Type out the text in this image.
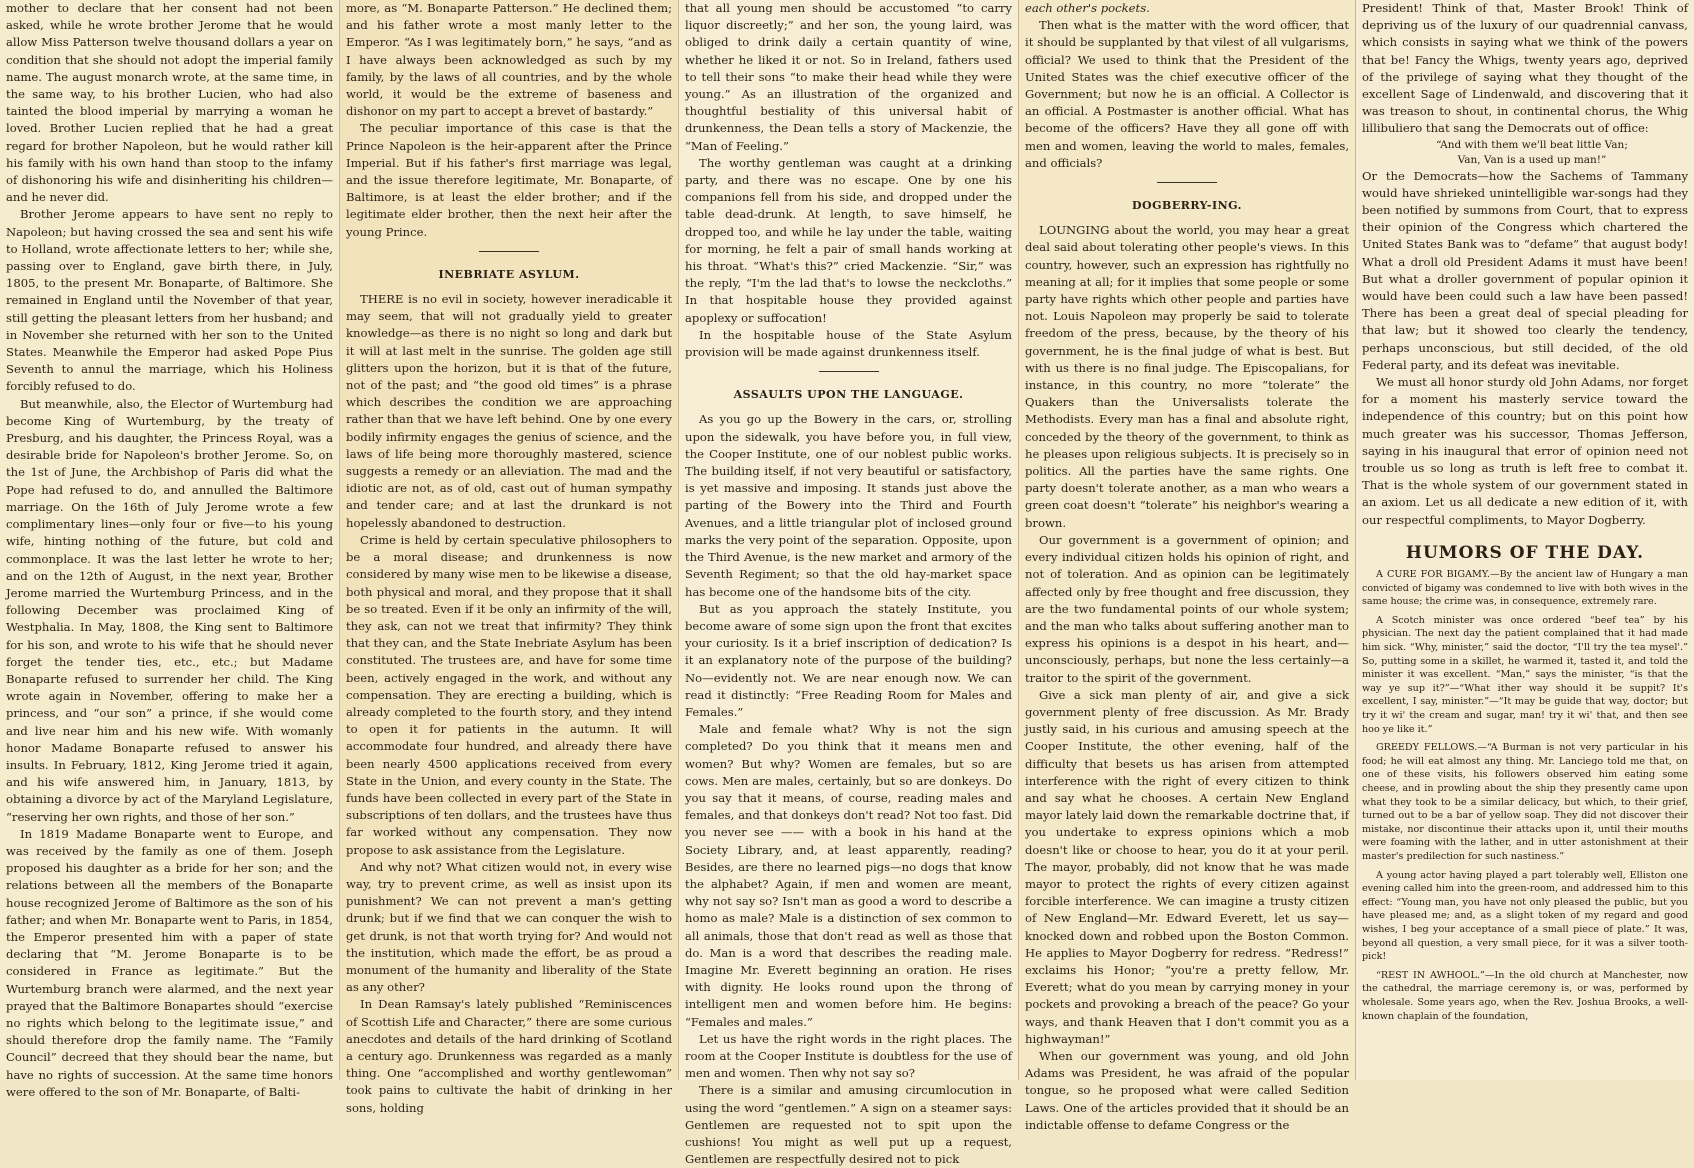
mother to declare that her consent had not been asked, while he wrote brother Jerome that he would allow Miss Patterson twelve thousand dollars a year on condition that she should not adopt the imperial family name. The august monarch wrote, at the same time, in the same way, to his brother Lucien, who had also tainted the blood imperial by marrying a woman he loved. Brother Lucien replied that he had a great regard for brother Napoleon, but he would rather kill his family with his own hand than stoop to the infamy of dishonoring his wife and disinheriting his children—and he never did.

Brother Jerome appears to have sent no reply to Napoleon; but having crossed the sea and sent his wife to Holland, wrote affectionate letters to her; while she, passing over to England, gave birth there, in July, 1805, to the present Mr. Bonaparte, of Baltimore. She remained in England until the November of that year, still getting the pleasant letters from her husband; and in November she returned with her son to the United States. Meanwhile the Emperor had asked Pope Pius Seventh to annul the marriage, which his Holiness forcibly refused to do.

But meanwhile, also, the Elector of Wurtemburg had become King of Wurtemburg, by the treaty of Presburg, and his daughter, the Princess Royal, was a desirable bride for Napoleon's brother Jerome. So, on the 1st of June, the Archbishop of Paris did what the Pope had refused to do, and annulled the Baltimore marriage. On the 16th of July Jerome wrote a few complimentary lines—only four or five—to his young wife, hinting nothing of the future, but cold and commonplace. It was the last letter he wrote to her; and on the 12th of August, in the next year, Brother Jerome married the Wurtemburg Princess, and in the following December was proclaimed King of Westphalia. In May, 1808, the King sent to Baltimore for his son, and wrote to his wife that he should never forget the tender ties, etc., etc.; but Madame Bonaparte refused to surrender her child. The King wrote again in November, offering to make her a princess, and “our son” a prince, if she would come and live near him and his new wife. With womanly honor Madame Bonaparte refused to answer his insults. In February, 1812, King Jerome tried it again, and his wife answered him, in January, 1813, by obtaining a divorce by act of the Maryland Legislature, “reserving her own rights, and those of her son.”

In 1819 Madame Bonaparte went to Europe, and was received by the family as one of them. Joseph proposed his daughter as a bride for her son; and the relations between all the members of the Bonaparte house recognized Jerome of Baltimore as the son of his father; and when Mr. Bonaparte went to Paris, in 1854, the Emperor presented him with a paper of state declaring that “M. Jerome Bonaparte is to be considered in France as legitimate.” But the Wurtemburg branch were alarmed, and the next year prayed that the Baltimore Bonapartes should “exercise no rights which belong to the legitimate issue,” and should therefore drop the family name. The “Family Council” decreed that they should bear the name, but have no rights of succession. At the same time honors were offered to the son of Mr. Bonaparte, of Balti-

more, as “M. Bonaparte Patterson.” He declined them; and his father wrote a most manly letter to the Emperor. “As I was legitimately born,” he says, “and as I have always been acknowledged as such by my family, by the laws of all countries, and by the whole world, it would be the extreme of baseness and dishonor on my part to accept a brevet of bastardy.”

The peculiar importance of this case is that the Prince Napoleon is the heir-apparent after the Prince Imperial. But if his father's first marriage was legal, and the issue therefore legitimate, Mr. Bonaparte, of Baltimore, is at least the elder brother; and if the legitimate elder brother, then the next heir after the young Prince.

INEBRIATE ASYLUM.

THERE is no evil in society, however ineradicable it may seem, that will not gradually yield to greater knowledge—as there is no night so long and dark but it will at last melt in the sunrise. The golden age still glitters upon the horizon, but it is that of the future, not of the past; and “the good old times” is a phrase which describes the condition we are approaching rather than that we have left behind. One by one every bodily infirmity engages the genius of science, and the laws of life being more thoroughly mastered, science suggests a remedy or an alleviation. The mad and the idiotic are not, as of old, cast out of human sympathy and tender care; and at last the drunkard is not hopelessly abandoned to destruction.

Crime is held by certain speculative philosophers to be a moral disease; and drunkenness is now considered by many wise men to be likewise a disease, both physical and moral, and they propose that it shall be so treated. Even if it be only an infirmity of the will, they ask, can not we treat that infirmity? They think that they can, and the State Inebriate Asylum has been constituted. The trustees are, and have for some time been, actively engaged in the work, and without any compensation. They are erecting a building, which is already completed to the fourth story, and they intend to open it for patients in the autumn. It will accommodate four hundred, and already there have been nearly 4500 applications received from every State in the Union, and every county in the State. The funds have been collected in every part of the State in subscriptions of ten dollars, and the trustees have thus far worked without any compensation. They now propose to ask assistance from the Legislature.

And why not? What citizen would not, in every wise way, try to prevent crime, as well as insist upon its punishment? We can not prevent a man's getting drunk; but if we find that we can conquer the wish to get drunk, is not that worth trying for? And would not the institution, which made the effort, be as proud a monument of the humanity and liberality of the State as any other?

In Dean Ramsay's lately published “Reminiscences of Scottish Life and Character,” there are some curious anecdotes and details of the hard drinking of Scotland a century ago. Drunkenness was regarded as a manly thing. One “accomplished and worthy gentlewoman” took pains to cultivate the habit of drinking in her sons, holding

that all young men should be accustomed “to carry liquor discreetly;” and her son, the young laird, was obliged to drink daily a certain quantity of wine, whether he liked it or not. So in Ireland, fathers used to tell their sons “to make their head while they were young.” As an illustration of the organized and thoughtful bestiality of this universal habit of drunkenness, the Dean tells a story of Mackenzie, the “Man of Feeling.”

The worthy gentleman was caught at a drinking party, and there was no escape. One by one his companions fell from his side, and dropped under the table dead-drunk. At length, to save himself, he dropped too, and while he lay under the table, waiting for morning, he felt a pair of small hands working at his throat. “What's this?” cried Mackenzie. “Sir,” was the reply, “I'm the lad that's to lowse the neckcloths.” In that hospitable house they provided against apoplexy or suffocation!

In the hospitable house of the State Asylum provision will be made against drunkenness itself.

ASSAULTS UPON THE LANGUAGE.

As you go up the Bowery in the cars, or, strolling upon the sidewalk, you have before you, in full view, the Cooper Institute, one of our noblest public works. The building itself, if not very beautiful or satisfactory, is yet massive and imposing. It stands just above the parting of the Bowery into the Third and Fourth Avenues, and a little triangular plot of inclosed ground marks the very point of the separation. Opposite, upon the Third Avenue, is the new market and armory of the Seventh Regiment; so that the old hay-market space has become one of the handsome bits of the city.

But as you approach the stately Institute, you become aware of some sign upon the front that excites your curiosity. Is it a brief inscription of dedication? Is it an explanatory note of the purpose of the building? No—evidently not. We are near enough now. We can read it distinctly: “Free Reading Room for Males and Females.”

Male and female what? Why is not the sign completed? Do you think that it means men and women? But why? Women are females, but so are cows. Men are males, certainly, but so are donkeys. Do you say that it means, of course, reading males and females, and that donkeys don't read? Not too fast. Did you never see —— with a book in his hand at the Society Library, and, at least apparently, reading? Besides, are there no learned pigs—no dogs that know the alphabet? Again, if men and women are meant, why not say so? Isn't man as good a word to describe a homo as male? Male is a distinction of sex common to all animals, those that don't read as well as those that do. Man is a word that describes the reading male. Imagine Mr. Everett beginning an oration. He rises with dignity. He looks round upon the throng of intelligent men and women before him. He begins: “Females and males.”

Let us have the right words in the right places. The room at the Cooper Institute is doubtless for the use of men and women. Then why not say so?

There is a similar and amusing circumlocution in using the word “gentlemen.” A sign on a steamer says: Gentlemen are requested not to spit upon the cushions! You might as well put up a request, Gentlemen are respectfully desired not to pick

each other's pockets.

Then what is the matter with the word officer, that it should be supplanted by that vilest of all vulgarisms, official? We used to think that the President of the United States was the chief executive officer of the Government; but now he is an official. A Collector is an official. A Postmaster is another official. What has become of the officers? Have they all gone off with men and women, leaving the world to males, females, and officials?

DOGBERRY-ING.

LOUNGING about the world, you may hear a great deal said about tolerating other people's views. In this country, however, such an expression has rightfully no meaning at all; for it implies that some people or some party have rights which other people and parties have not. Louis Napoleon may properly be said to tolerate freedom of the press, because, by the theory of his government, he is the final judge of what is best. But with us there is no final judge. The Episcopalians, for instance, in this country, no more “tolerate” the Quakers than the Universalists tolerate the Methodists. Every man has a final and absolute right, conceded by the theory of the government, to think as he pleases upon religious subjects. It is precisely so in politics. All the parties have the same rights. One party doesn't tolerate another, as a man who wears a green coat doesn't “tolerate” his neighbor's wearing a brown.

Our government is a government of opinion; and every individual citizen holds his opinion of right, and not of toleration. And as opinion can be legitimately affected only by free thought and free discussion, they are the two fundamental points of our whole system; and the man who talks about suffering another man to express his opinions is a despot in his heart, and—unconsciously, perhaps, but none the less certainly—a traitor to the spirit of the government.

Give a sick man plenty of air, and give a sick government plenty of free discussion. As Mr. Brady justly said, in his curious and amusing speech at the Cooper Institute, the other evening, half of the difficulty that besets us has arisen from attempted interference with the right of every citizen to think and say what he chooses. A certain New England mayor lately laid down the remarkable doctrine that, if you undertake to express opinions which a mob doesn't like or choose to hear, you do it at your peril. The mayor, probably, did not know that he was made mayor to protect the rights of every citizen against forcible interference. We can imagine a trusty citizen of New England—Mr. Edward Everett, let us say—knocked down and robbed upon the Boston Common. He applies to Mayor Dogberry for redress. “Redress!” exclaims his Honor; “you're a pretty fellow, Mr. Everett; what do you mean by carrying money in your pockets and provoking a breach of the peace? Go your ways, and thank Heaven that I don't commit you as a highwayman!”

When our government was young, and old John Adams was President, he was afraid of the popular tongue, so he proposed what were called Sedition Laws. One of the articles provided that it should be an indictable offense to defame Congress or the

President! Think of that, Master Brook! Think of depriving us of the luxury of our quadrennial canvass, which consists in saying what we think of the powers that be! Fancy the Whigs, twenty years ago, deprived of the privilege of saying what they thought of the excellent Sage of Lindenwald, and discovering that it was treason to shout, in continental chorus, the Whig lillibuliero that sang the Democrats out of office:

“And with them we'll beat little Van;

Van, Van is a used up man!”

Or the Democrats—how the Sachems of Tammany would have shrieked unintelligible war-songs had they been notified by summons from Court, that to express their opinion of the Congress which chartered the United States Bank was to “defame” that august body! What a droll old President Adams it must have been! But what a droller government of popular opinion it would have been could such a law have been passed! There has been a great deal of special pleading for that law; but it showed too clearly the tendency, perhaps unconscious, but still decided, of the old Federal party, and its defeat was inevitable.

We must all honor sturdy old John Adams, nor forget for a moment his masterly service toward the independence of this country; but on this point how much greater was his successor, Thomas Jefferson, saying in his inaugural that error of opinion need not trouble us so long as truth is left free to combat it. That is the whole system of our government stated in an axiom. Let us all dedicate a new edition of it, with our respectful compliments, to Mayor Dogberry.

HUMORS OF THE DAY.

A CURE FOR BIGAMY.—By the ancient law of Hungary a man convicted of bigamy was condemned to live with both wives in the same house; the crime was, in consequence, extremely rare.

A Scotch minister was once ordered “beef tea” by his physician. The next day the patient complained that it had made him sick. “Why, minister,” said the doctor, “I'll try the tea mysel'.” So, putting some in a skillet, he warmed it, tasted it, and told the minister it was excellent. “Man,” says the minister, “is that the way ye sup it?”—“What ither way should it be suppit? It's excellent, I say, minister.”—“It may be guide that way, doctor; but try it wi' the cream and sugar, man! try it wi' that, and then see hoo ye like it.”

GREEDY FELLOWS.—“A Burman is not very particular in his food; he will eat almost any thing. Mr. Lanciego told me that, on one of these visits, his followers observed him eating some cheese, and in prowling about the ship they presently came upon what they took to be a similar delicacy, but which, to their grief, turned out to be a bar of yellow soap. They did not discover their mistake, nor discontinue their attacks upon it, until their mouths were foaming with the lather, and in utter astonishment at their master's predilection for such nastiness.”

A young actor having played a part tolerably well, Elliston one evening called him into the green-room, and addressed him to this effect: “Young man, you have not only pleased the public, but you have pleased me; and, as a slight token of my regard and good wishes, I beg your acceptance of a small piece of plate.” It was, beyond all question, a very small piece, for it was a silver tooth-pick!

“REST IN AWHOOL.”—In the old church at Manchester, now the cathedral, the marriage ceremony is, or was, performed by wholesale. Some years ago, when the Rev. Joshua Brooks, a well-known chaplain of the foundation,
